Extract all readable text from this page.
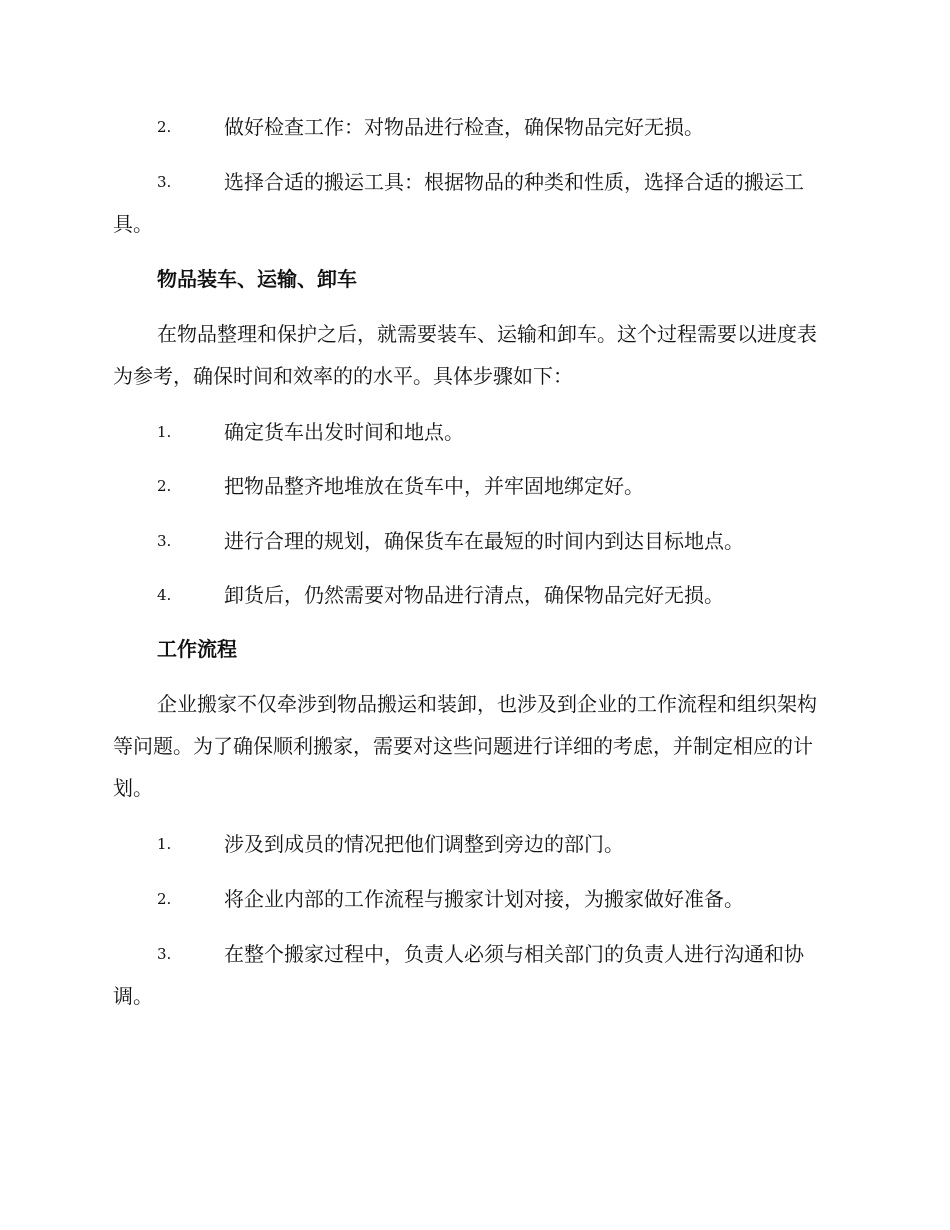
2.	做好检查工作：对物品进行检查，确保物品完好无损。
3.	选择合适的搬运工具：根据物品的种类和性质，选择合适的搬运工具。
物品装车、运输、卸车

在物品整理和保护之后，就需要装车、运输和卸车。这个过程需要以进度表为参考，确保时间和效率的的水平。具体步骤如下：

1.	确定货车出发时间和地点。
2.	把物品整齐地堆放在货车中，并牢固地绑定好。
3.	进行合理的规划，确保货车在最短的时间内到达目标地点。
4.	卸货后，仍然需要对物品进行清点，确保物品完好无损。
工作流程

企业搬家不仅牵涉到物品搬运和装卸，也涉及到企业的工作流程和组织架构等问题。为了确保顺利搬家，需要对这些问题进行详细的考虑，并制定相应的计划。

1.	涉及到成员的情况把他们调整到旁边的部门。
2.	将企业内部的工作流程与搬家计划对接，为搬家做好准备。
3.	在整个搬家过程中，负责人必须与相关部门的负责人进行沟通和协调。
